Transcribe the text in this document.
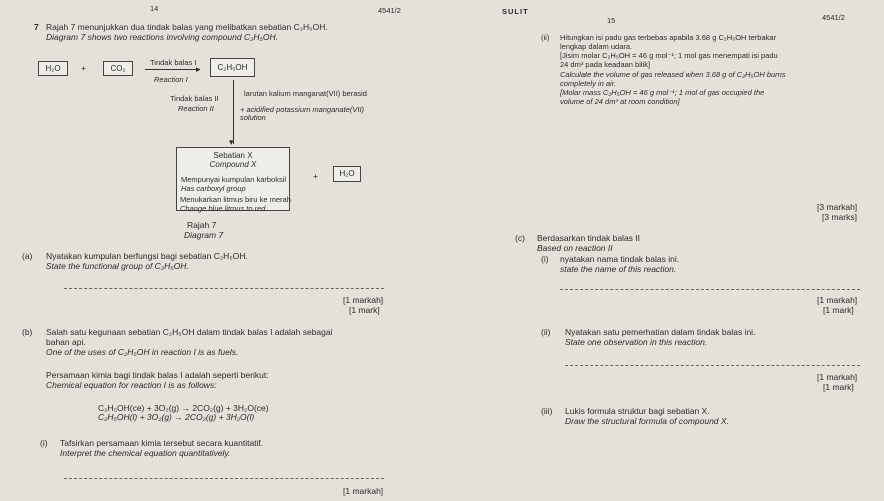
14	4541/2	SULIT
15	4541/2
7 Rajah 7 menunjukkan dua tindak balas yang melibatkan sebatian C₂H₅OH.
Diagram 7 shows two reactions involving compound C₂H₅OH.
H₂O	+	CO₂
Tindak balas I
▸
Reaction I
C₂H₅OH
Tindak balas II
Reaction II
▾
larutan kalium manganat(VII) berasid
+ acidified potassium manganate(VII) solution
Sebatian X
Compound X
Mempunyai kumpulan karboksil
Has carboxyl group
Menukarkan litmus biru ke merah
Change blue litmus to red
+	H₂O
Rajah 7
Diagram 7
(a) Nyatakan kumpulan berfungsi bagi sebatian C₂H₅OH.
State the functional group of C₂H₅OH.
[1 markah]
[1 mark]
(b) Salah satu kegunaan sebatian C₂H₅OH dalam tindak balas I adalah sebagai
bahan api.
One of the uses of C₂H₅OH in reaction I is as fuels.
Persamaan kimia bagi tindak balas I adalah seperti berikut:
Chemical equation for reaction I is as follows:
C₂H₅OH(ce) + 3O₂(g) → 2CO₂(g) + 3H₂O(ce)
C₂H₅OH(l) + 3O₂(g) → 2CO₂(g) + 3H₂O(l)
(i) Tafsirkan persamaan kimia tersebut secara kuantitatif.
Interpret the chemical equation quantitatively.
[1 markah]
(ii) Hitungkan isi padu gas terbebas apabila 3.68 g C₂H₅OH terbakar
lengkap dalam udara.
[Jisim molar C₂H₅OH = 46 g mol⁻¹; 1 mol gas menempati isi padu
24 dm³ pada keadaan bilik]
Calculate the volume of gas released when 3.68 g of C₂H₅OH burns
completely in air.
[Molar mass C₂H₅OH = 46 g mol⁻¹; 1 mol of gas occupied the
volume of 24 dm³ at room condition]
[3 markah]
[3 marks]
(c) Berdasarkan tindak balas II
Based on reaction II
(i) nyatakan nama tindak balas ini.
state the name of this reaction.
[1 markah]
[1 mark]
(ii) Nyatakan satu pemerhatian dalam tindak balas ini.
State one observation in this reaction.
[1 markah]
[1 mark]
(iii) Lukis formula struktur bagi sebatian X.
Draw the structural formula of compound X.
